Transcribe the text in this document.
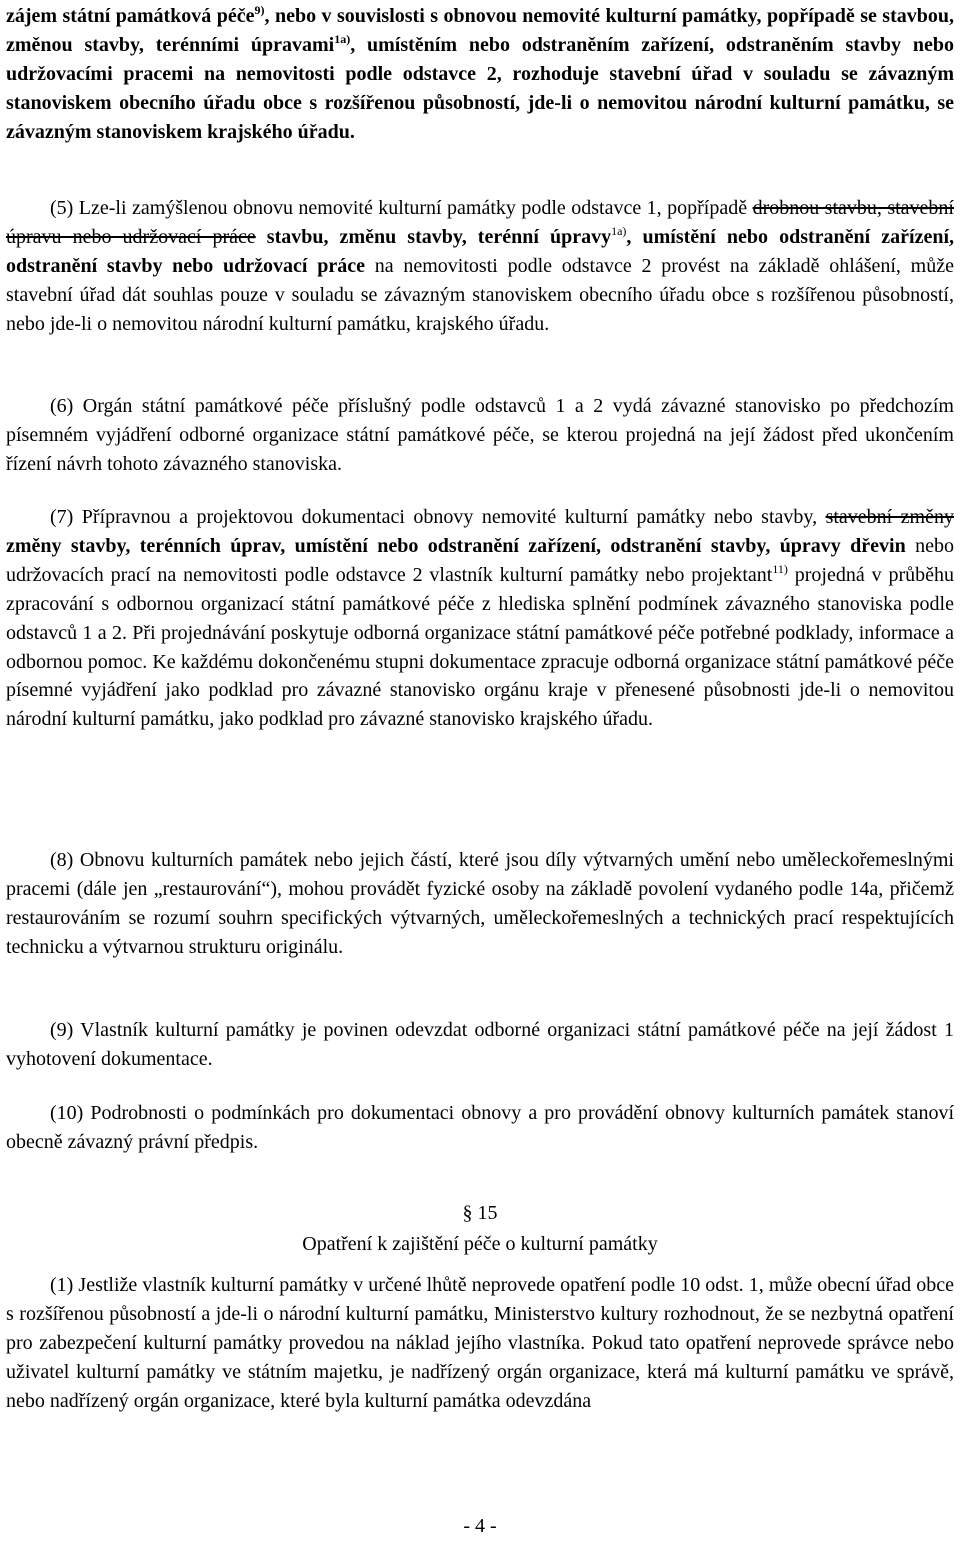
zájem státní památková péče$^{9)}$, nebo v souvislosti s obnovou nemovité kulturní památky, popřípadě se stavbou, změnou stavby, terénními úpravami$^{1a)}$, umístěním nebo odstraněním zařízení, odstraněním stavby nebo udržovacími pracemi na nemovitosti podle odstavce 2, rozhoduje stavební úřad v souladu se závazným stanoviskem obecního úřadu obce s rozšířenou působností, jde-li o nemovitou národní kulturní památku, se závazným stanoviskem krajského úřadu.

(5) Lze-li zamýšlenou obnovu nemovité kulturní památky podle odstavce 1, popřípadě drobnou stavbu, stavební úpravu nebo udržovací práce stavbu, změnu stavby, terénní úpravy$^{1a)}$, umístění nebo odstranění zařízení, odstranění stavby nebo udržovací práce na nemovitosti podle odstavce 2 provést na základě ohlášení, může stavební úřad dát souhlas pouze v souladu se závazným stanoviskem obecního úřadu obce s rozšířenou působností, nebo jde-li o nemovitou národní kulturní památku, krajského úřadu.

(6) Orgán státní památkové péče příslušný podle odstavců 1 a 2 vydá závazné stanovisko po předchozím písemném vyjádření odborné organizace státní památkové péče, se kterou projedná na její žádost před ukončením řízení návrh tohoto závazného stanoviska.

(7) Přípravnou a projektovou dokumentaci obnovy nemovité kulturní památky nebo stavby, stavební změny změny stavby, terénních úprav, umístění nebo odstranění zařízení, odstranění stavby, úpravy dřevin nebo udržovacích prací na nemovitosti podle odstavce 2 vlastník kulturní památky nebo projektant$^{11)}$ projedná v průběhu zpracování s odbornou organizací státní památkové péče z hlediska splnění podmínek závazného stanoviska podle odstavců 1 a 2. Při projednávání poskytuje odborná organizace státní památkové péče potřebné podklady, informace a odbornou pomoc. Ke každému dokončenému stupni dokumentace zpracuje odborná organizace státní památkové péče písemné vyjádření jako podklad pro závazné stanovisko orgánu kraje v přenesené působnosti jde-li o nemovitou národní kulturní památku, jako podklad pro závazné stanovisko krajského úřadu.

(8) Obnovu kulturních památek nebo jejich částí, které jsou díly výtvarných umění nebo uměleckořemeslnými pracemi (dále jen „restaurování“), mohou provádět fyzické osoby na základě povolení vydaného podle 14a, přičemž restaurováním se rozumí souhrn specifických výtvarných, uměleckořemeslných a technických prací respektujících technicku a výtvarnou strukturu originálu.

(9) Vlastník kulturní památky je povinen odevzdat odborné organizaci státní památkové péče na její žádost 1 vyhotovení dokumentace.

(10) Podrobnosti o podmínkách pro dokumentaci obnovy a pro provádění obnovy kulturních památek stanoví obecně závazný právní předpis.

§ 15

Opatření k zajištění péče o kulturní památky

(1) Jestliže vlastník kulturní památky v určené lhůtě neprovede opatření podle 10 odst. 1, může obecní úřad obce s rozšířenou působností a jde-li o národní kulturní památku, Ministerstvo kultury rozhodnout, že se nezbytná opatření pro zabezpečení kulturní památky provedou na náklad jejího vlastníka. Pokud tato opatření neprovede správce nebo uživatel kulturní památky ve státním majetku, je nadřízený orgán organizace, která má kulturní památku ve správě, nebo nadřízený orgán organizace, které byla kulturní památka odevzdána

- 4 -
